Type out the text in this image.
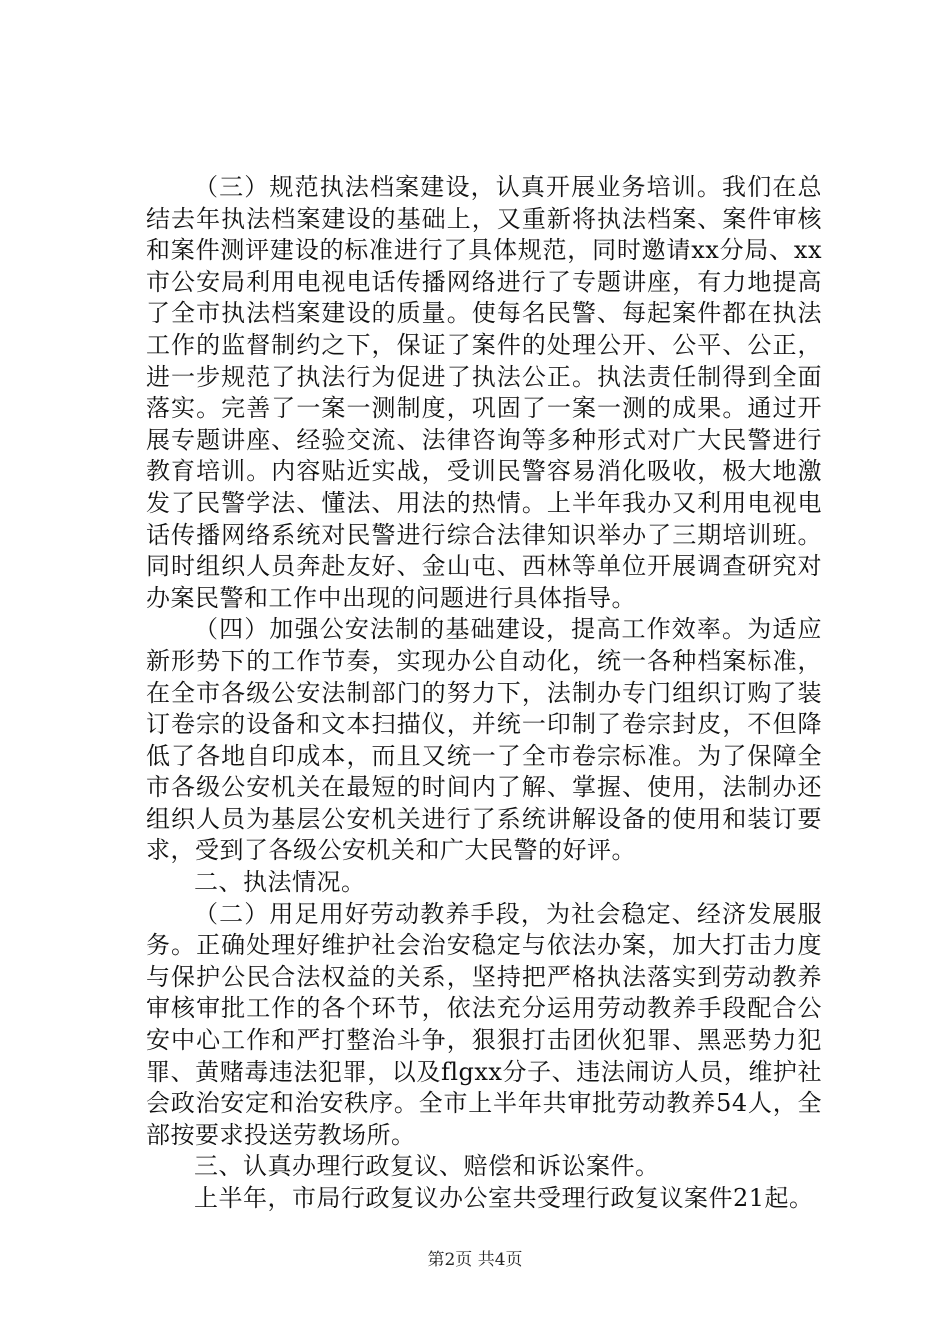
（三）规范执法档案建设，认真开展业务培训。我们在总结去年执法档案建设的基础上，又重新将执法档案、案件审核和案件测评建设的标准进行了具体规范，同时邀请xx分局、xx市公安局利用电视电话传播网络进行了专题讲座，有力地提高了全市执法档案建设的质量。使每名民警、每起案件都在执法工作的监督制约之下，保证了案件的处理公开、公平、公正，进一步规范了执法行为促进了执法公正。执法责任制得到全面落实。完善了一案一测制度，巩固了一案一测的成果。通过开展专题讲座、经验交流、法律咨询等多种形式对广大民警进行教育培训。内容贴近实战，受训民警容易消化吸收，极大地激发了民警学法、懂法、用法的热情。上半年我办又利用电视电话传播网络系统对民警进行综合法律知识举办了三期培训班。同时组织人员奔赴友好、金山屯、西林等单位开展调查研究对办案民警和工作中出现的问题进行具体指导。

（四）加强公安法制的基础建设，提高工作效率。为适应新形势下的工作节奏，实现办公自动化，统一各种档案标准，在全市各级公安法制部门的努力下，法制办专门组织订购了装订卷宗的设备和文本扫描仪，并统一印制了卷宗封皮，不但降低了各地自印成本，而且又统一了全市卷宗标准。为了保障全市各级公安机关在最短的时间内了解、掌握、使用，法制办还组织人员为基层公安机关进行了系统讲解设备的使用和装订要求，受到了各级公安机关和广大民警的好评。

二、执法情况。

（二）用足用好劳动教养手段，为社会稳定、经济发展服务。正确处理好维护社会治安稳定与依法办案，加大打击力度与保护公民合法权益的关系，坚持把严格执法落实到劳动教养审核审批工作的各个环节，依法充分运用劳动教养手段配合公安中心工作和严打整治斗争，狠狠打击团伙犯罪、黑恶势力犯罪、黄赌毒违法犯罪，以及flgxx分子、违法闹访人员，维护社会政治安定和治安秩序。全市上半年共审批劳动教养54人，全部按要求投送劳教场所。

三、认真办理行政复议、赔偿和诉讼案件。

上半年，市局行政复议办公室共受理行政复议案件21起。

第2页 共4页
